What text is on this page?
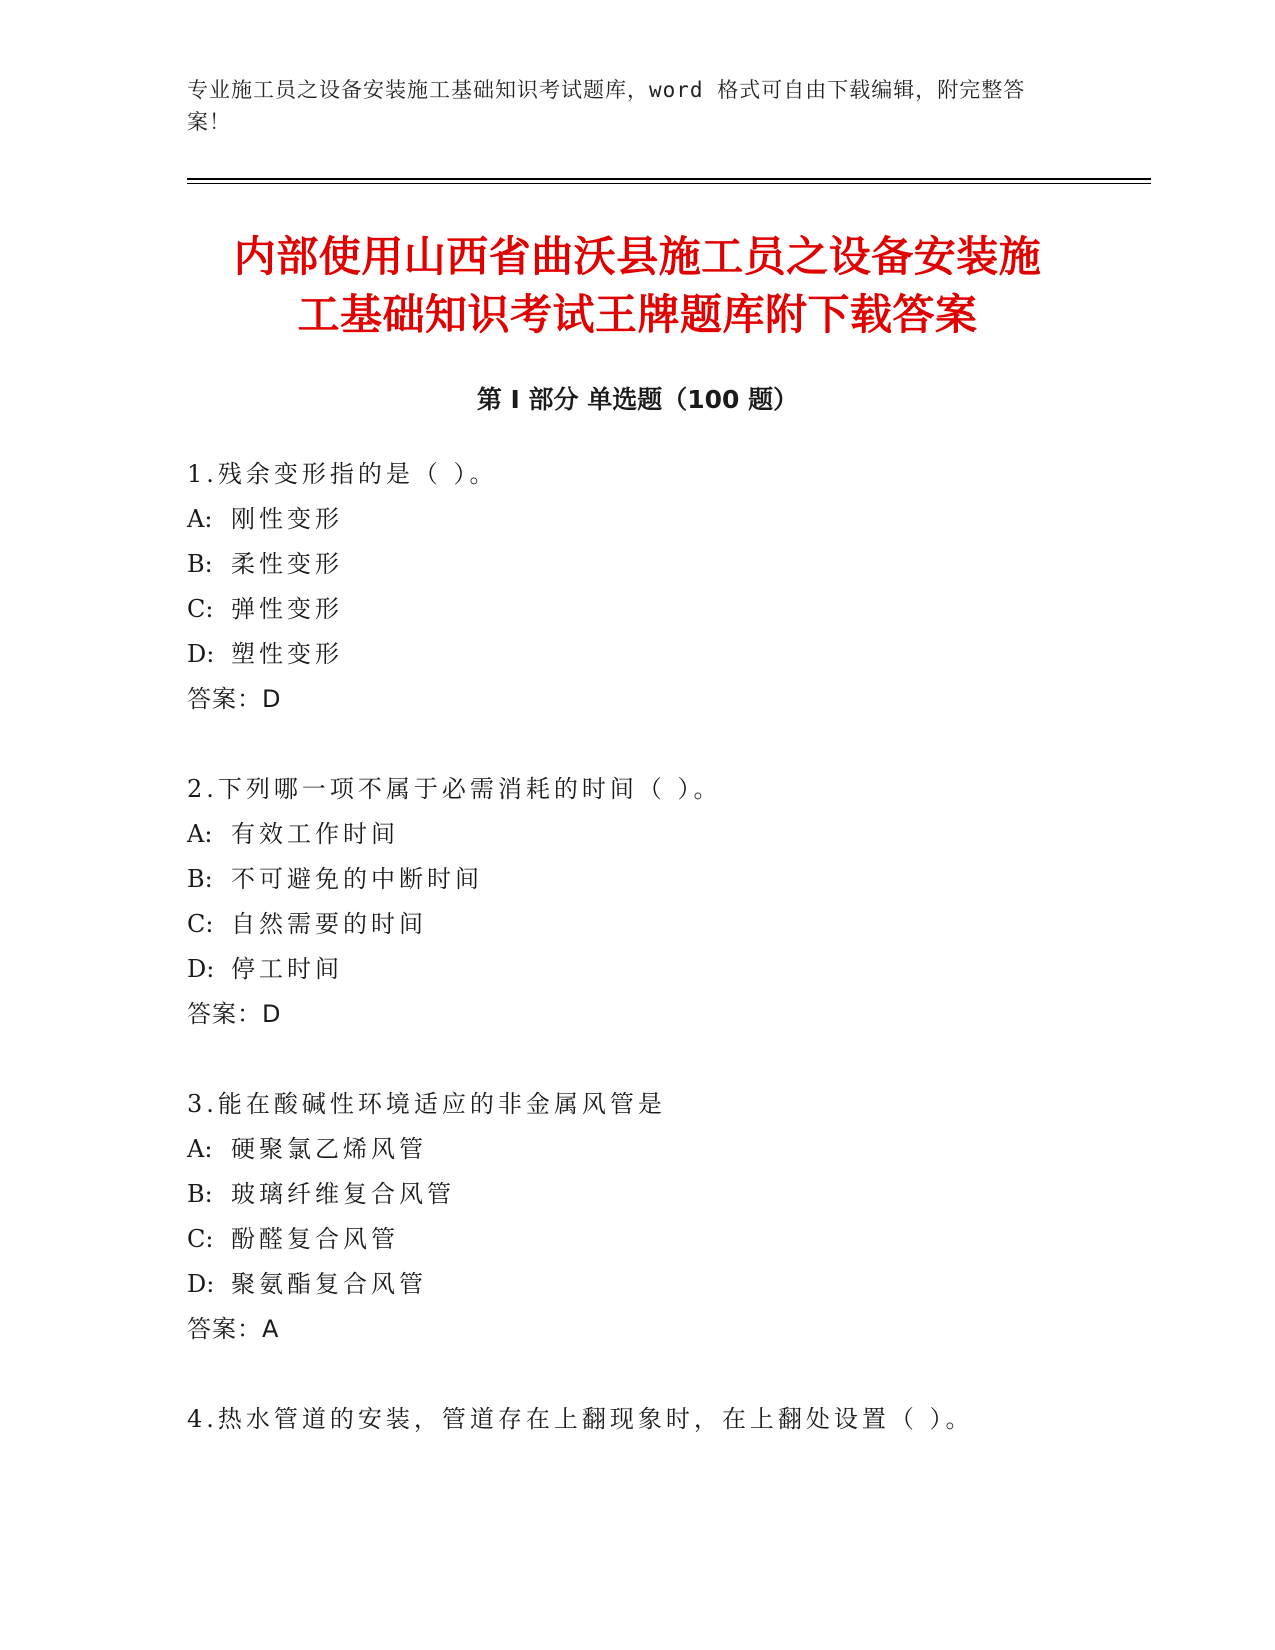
专业施工员之设备安装施工基础知识考试题库，word 格式可自由下载编辑，附完整答案！
内部使用山西省曲沃县施工员之设备安装施
工基础知识考试王牌题库附下载答案
第 I 部分 单选题（100 题）
1.残余变形指的是（ ）。
A: 刚性变形
B: 柔性变形
C: 弹性变形
D: 塑性变形
答案：D
2.下列哪一项不属于必需消耗的时间（ ）。
A: 有效工作时间
B: 不可避免的中断时间
C: 自然需要的时间
D: 停工时间
答案：D
3.能在酸碱性环境适应的非金属风管是
A: 硬聚氯乙烯风管
B: 玻璃纤维复合风管
C: 酚醛复合风管
D: 聚氨酯复合风管
答案：A
4.热水管道的安装，管道存在上翻现象时，在上翻处设置（ ）。
